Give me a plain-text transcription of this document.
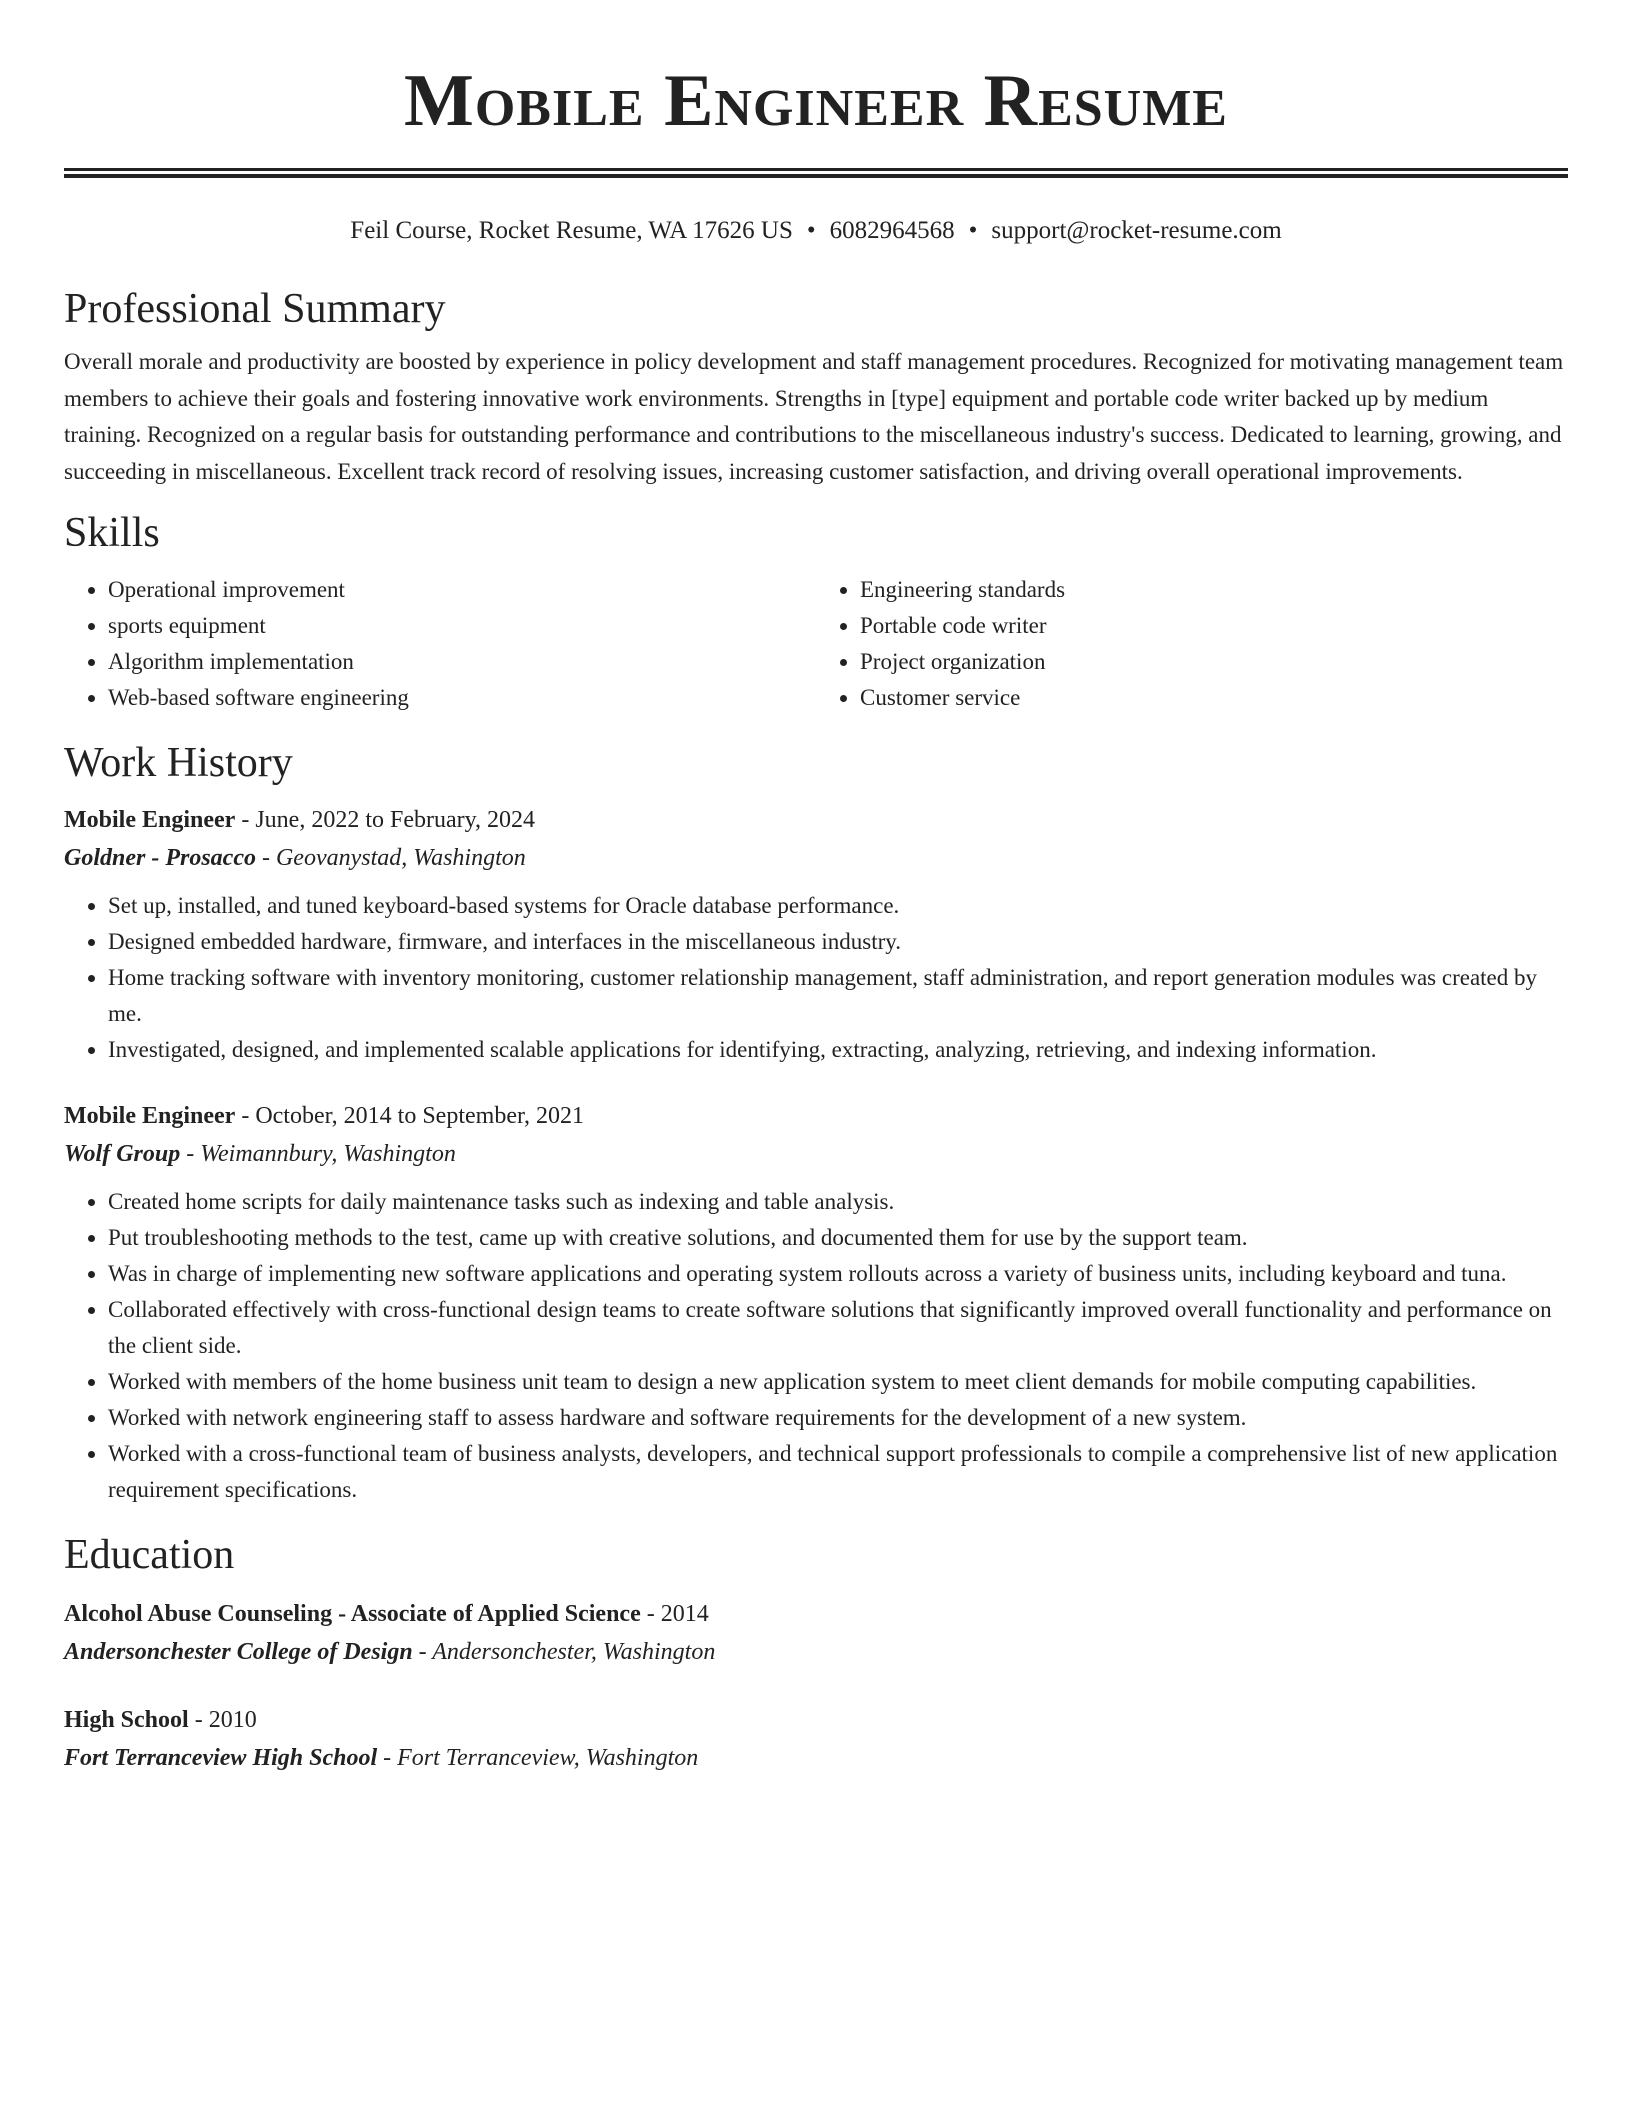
Mobile Engineer Resume
Feil Course, Rocket Resume, WA 17626 US • 6082964568 • support@rocket-resume.com
Professional Summary

Overall morale and productivity are boosted by experience in policy development and staff management procedures. Recognized for motivating management team members to achieve their goals and fostering innovative work environments. Strengths in [type] equipment and portable code writer backed up by medium training. Recognized on a regular basis for outstanding performance and contributions to the miscellaneous industry's success. Dedicated to learning, growing, and succeeding in miscellaneous. Excellent track record of resolving issues, increasing customer satisfaction, and driving overall operational improvements.

Skills
• Operational improvement
• sports equipment
• Algorithm implementation
• Web-based software engineering
• Engineering standards
• Portable code writer
• Project organization
• Customer service
Work History
Mobile Engineer - June, 2022 to February, 2024
Goldner - Prosacco - Geovanystad, Washington
• Set up, installed, and tuned keyboard-based systems for Oracle database performance.
• Designed embedded hardware, firmware, and interfaces in the miscellaneous industry.
• Home tracking software with inventory monitoring, customer relationship management, staff administration, and report generation modules was created by me.
• Investigated, designed, and implemented scalable applications for identifying, extracting, analyzing, retrieving, and indexing information.
Mobile Engineer - October, 2014 to September, 2021
Wolf Group - Weimannbury, Washington
• Created home scripts for daily maintenance tasks such as indexing and table analysis.
• Put troubleshooting methods to the test, came up with creative solutions, and documented them for use by the support team.
• Was in charge of implementing new software applications and operating system rollouts across a variety of business units, including keyboard and tuna.
• Collaborated effectively with cross-functional design teams to create software solutions that significantly improved overall functionality and performance on the client side.
• Worked with members of the home business unit team to design a new application system to meet client demands for mobile computing capabilities.
• Worked with network engineering staff to assess hardware and software requirements for the development of a new system.
• Worked with a cross-functional team of business analysts, developers, and technical support professionals to compile a comprehensive list of new application requirement specifications.
Education
Alcohol Abuse Counseling - Associate of Applied Science - 2014
Andersonchester College of Design - Andersonchester, Washington
High School - 2010
Fort Terranceview High School - Fort Terranceview, Washington
